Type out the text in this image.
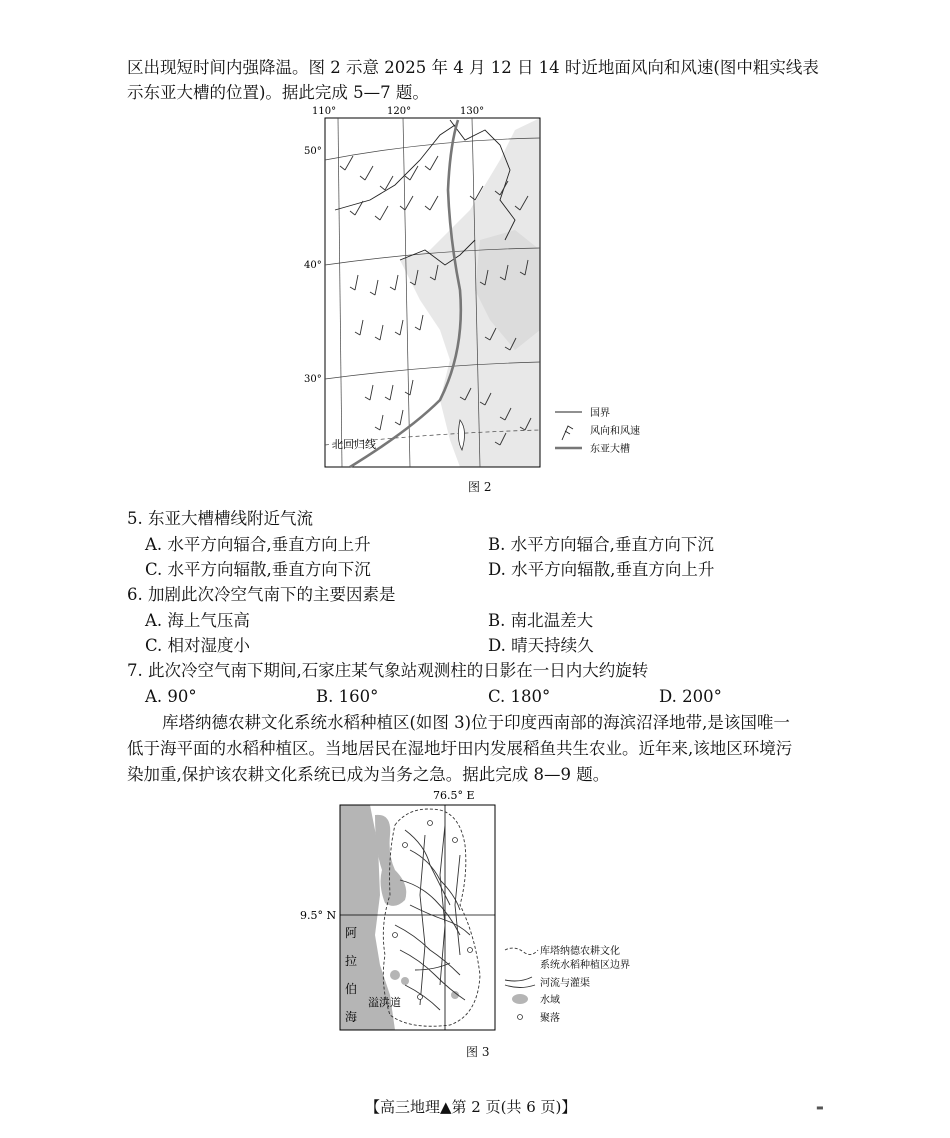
区出现短时间内强降温。图 2 示意 2025 年 4 月 12 日 14 时近地面风向和风速(图中粗实线表
示东亚大槽的位置)。据此完成 5—7 题。
110°	120°	130°
50°
40°
30°
北回归线
国界
风向和风速
东亚大槽
图 2
5. 东亚大槽槽线附近气流
A. 水平方向辐合,垂直方向上升	B. 水平方向辐合,垂直方向下沉
C. 水平方向辐散,垂直方向下沉	D. 水平方向辐散,垂直方向上升
6. 加剧此次冷空气南下的主要因素是
A. 海上气压高	B. 南北温差大
C. 相对湿度小	D. 晴天持续久
7. 此次冷空气南下期间,石家庄某气象站观测柱的日影在一日内大约旋转
A. 90°	B. 160°	C. 180°	D. 200°
库塔纳德农耕文化系统水稻种植区(如图 3)位于印度西南部的海滨沼泽地带,是该国唯一
低于海平面的水稻种植区。当地居民在湿地圩田内发展稻鱼共生农业。近年来,该地区环境污
染加重,保护该农耕文化系统已成为当务之急。据此完成 8—9 题。
76.5° E
9.5° N
阿
拉
伯
海
溢洪道
库塔纳德农耕文化
系统水稻种植区边界
河流与灌渠
水域
聚落
图 3
【高三地理▲第 2 页(共 6 页)】	▬
